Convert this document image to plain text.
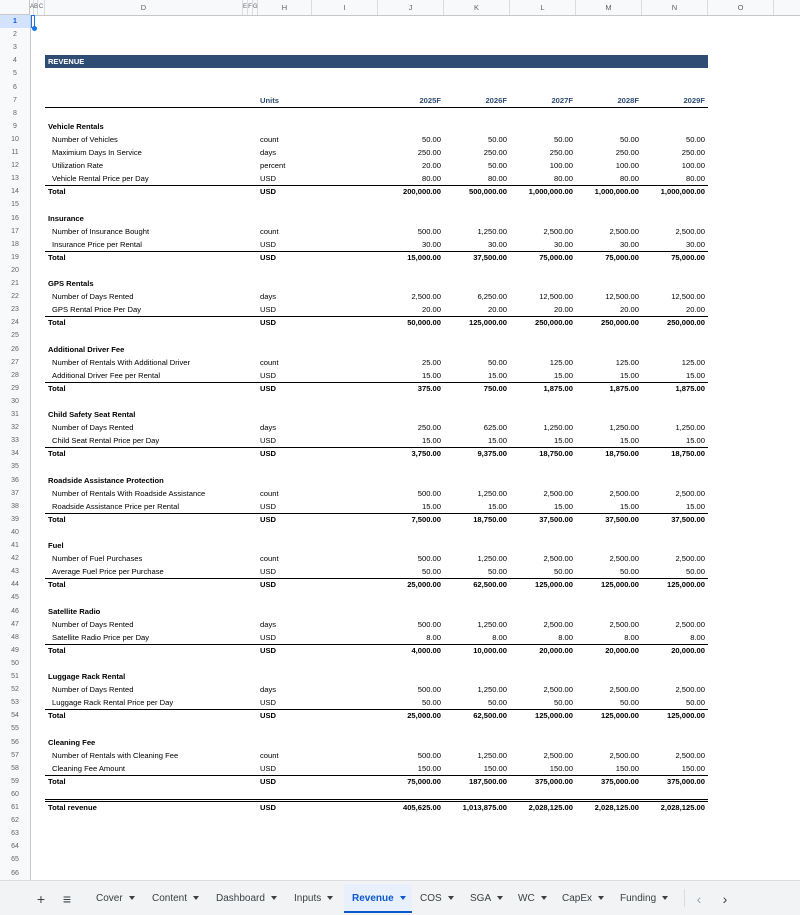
A B C	D	E F G	H	I	J	K	L	M	N	O
1
2
3
4
5
6
7
8
9
10
11
12
13
14
15
16
17
18
19
20
21
22
23
24
25
26
27
28
29
30
31
32
33
34
35
36
37
38
39
40
41
42
43
44
45
46
47
48
49
50
51
52
53
54
55
56
57
58
59
60
61
62
63
64
65
66
REVENUE
Units	2025F	2026F	2027F	2028F	2029F
Vehicle Rentals
Number of Vehicles	count	50.00	50.00	50.00	50.00	50.00
Maximium Days In Service	days	250.00	250.00	250.00	250.00	250.00
Utilization Rate	percent	20.00	50.00	100.00	100.00	100.00
Vehicle Rental Price per Day	USD	80.00	80.00	80.00	80.00	80.00
Total	USD	200,000.00	500,000.00	1,000,000.00	1,000,000.00	1,000,000.00
Insurance
Number of Insurance Bought	count	500.00	1,250.00	2,500.00	2,500.00	2,500.00
Insurance Price per Rental	USD	30.00	30.00	30.00	30.00	30.00
Total	USD	15,000.00	37,500.00	75,000.00	75,000.00	75,000.00
GPS Rentals
Number of Days Rented	days	2,500.00	6,250.00	12,500.00	12,500.00	12,500.00
GPS Rental Price Per Day	USD	20.00	20.00	20.00	20.00	20.00
Total	USD	50,000.00	125,000.00	250,000.00	250,000.00	250,000.00
Additional Driver Fee
Number of Rentals With Additional Driver	count	25.00	50.00	125.00	125.00	125.00
Additional Driver Fee per Rental	USD	15.00	15.00	15.00	15.00	15.00
Total	USD	375.00	750.00	1,875.00	1,875.00	1,875.00
Child Safety Seat Rental
Number of Days Rented	days	250.00	625.00	1,250.00	1,250.00	1,250.00
Child Seat Rental Price per Day	USD	15.00	15.00	15.00	15.00	15.00
Total	USD	3,750.00	9,375.00	18,750.00	18,750.00	18,750.00
Roadside Assistance Protection
Number of Rentals With Roadside Assistance	count	500.00	1,250.00	2,500.00	2,500.00	2,500.00
Roadside Assistance Price per Rental	USD	15.00	15.00	15.00	15.00	15.00
Total	USD	7,500.00	18,750.00	37,500.00	37,500.00	37,500.00
Fuel
Number of Fuel Purchases	count	500.00	1,250.00	2,500.00	2,500.00	2,500.00
Average Fuel Price per Purchase	USD	50.00	50.00	50.00	50.00	50.00
Total	USD	25,000.00	62,500.00	125,000.00	125,000.00	125,000.00
Satellite Radio
Number of Days Rented	days	500.00	1,250.00	2,500.00	2,500.00	2,500.00
Satellite Radio Price per Day	USD	8.00	8.00	8.00	8.00	8.00
Total	USD	4,000.00	10,000.00	20,000.00	20,000.00	20,000.00
Luggage Rack Rental
Number of Days Rented	days	500.00	1,250.00	2,500.00	2,500.00	2,500.00
Luggage Rack Rental Price per Day	USD	50.00	50.00	50.00	50.00	50.00
Total	USD	25,000.00	62,500.00	125,000.00	125,000.00	125,000.00
Cleaning Fee
Number of Rentals with Cleaning Fee	count	500.00	1,250.00	2,500.00	2,500.00	2,500.00
Cleaning Fee Amount	USD	150.00	150.00	150.00	150.00	150.00
Total	USD	75,000.00	187,500.00	375,000.00	375,000.00	375,000.00
Total revenue	USD	405,625.00	1,013,875.00	2,028,125.00	2,028,125.00	2,028,125.00
+	≡	Cover	Content	Dashboard	Inputs	Revenue	COS	SGA	WC	CapEx	Funding	‹	›
